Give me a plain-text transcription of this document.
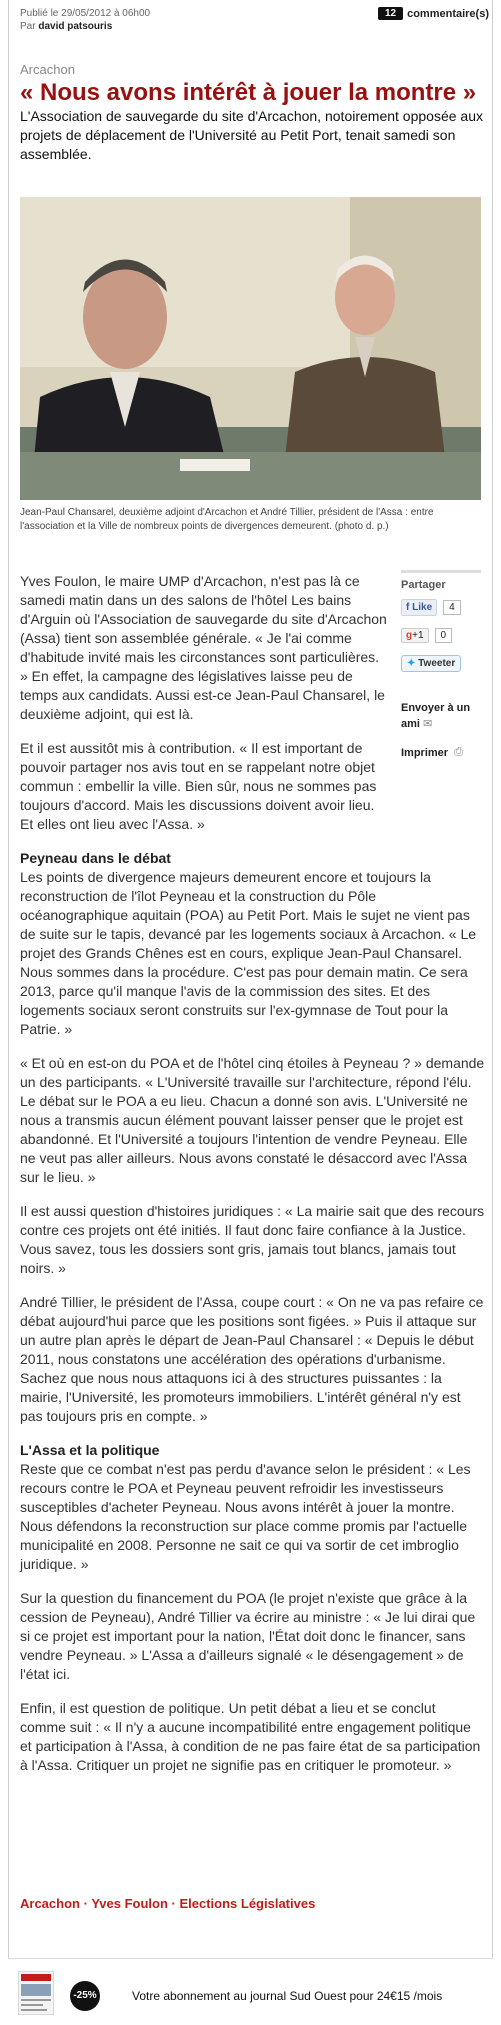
Publié le 29/05/2012 à 06h00
Par david patsouris
12	commentaire(s)
Arcachon
« Nous avons intérêt à jouer la montre »
L'Association de sauvegarde du site d'Arcachon, notoirement opposée aux projets de déplacement de l'Université au Petit Port, tenait samedi son assemblée.
Jean-Paul Chansarel, deuxième adjoint d'Arcachon et André Tillier, président de l'Assa : entre l'association et la Ville de nombreux points de divergences demeurent. (photo d. p.)
Partager
f Like	4
g+1	0
✦ Tweeter
Envoyer à un ami ✉
Imprimer ⎙

Yves Foulon, le maire UMP d'Arcachon, n'est pas là ce samedi matin dans un des salons de l'hôtel Les bains d'Arguin où l'Association de sauvegarde du site d'Arcachon (Assa) tient son assemblée générale. « Je l'ai comme d'habitude invité mais les circonstances sont particulières. » En effet, la campagne des législatives laisse peu de temps aux candidats. Aussi est-ce Jean-Paul Chansarel, le deuxième adjoint, qui est là.

Et il est aussitôt mis à contribution. « Il est important de pouvoir partager nos avis tout en se rappelant notre objet commun : embellir la ville. Bien sûr, nous ne sommes pas toujours d'accord. Mais les discussions doivent avoir lieu. Et elles ont lieu avec l'Assa. »

Peyneau dans le débat

Les points de divergence majeurs demeurent encore et toujours la reconstruction de l'îlot Peyneau et la construction du Pôle océanographique aquitain (POA) au Petit Port. Mais le sujet ne vient pas de suite sur le tapis, devancé par les logements sociaux à Arcachon. « Le projet des Grands Chênes est en cours, explique Jean-Paul Chansarel. Nous sommes dans la procédure. C'est pas pour demain matin. Ce sera 2013, parce qu'il manque l'avis de la commission des sites. Et des logements sociaux seront construits sur l'ex-gymnase de Tout pour la Patrie. »

« Et où en est-on du POA et de l'hôtel cinq étoiles à Peyneau ? » demande un des participants. « L'Université travaille sur l'architecture, répond l'élu. Le débat sur le POA a eu lieu. Chacun a donné son avis. L'Université ne nous a transmis aucun élément pouvant laisser penser que le projet est abandonné. Et l'Université a toujours l'intention de vendre Peyneau. Elle ne veut pas aller ailleurs. Nous avons constaté le désaccord avec l'Assa sur le lieu. »

Il est aussi question d'histoires juridiques : « La mairie sait que des recours contre ces projets ont été initiés. Il faut donc faire confiance à la Justice. Vous savez, tous les dossiers sont gris, jamais tout blancs, jamais tout noirs. »

André Tillier, le président de l'Assa, coupe court : « On ne va pas refaire ce débat aujourd'hui parce que les positions sont figées. » Puis il attaque sur un autre plan après le départ de Jean-Paul Chansarel : « Depuis le début 2011, nous constatons une accélération des opérations d'urbanisme. Sachez que nous nous attaquons ici à des structures puissantes : la mairie, l'Université, les promoteurs immobiliers. L'intérêt général n'y est pas toujours pris en compte. »

L'Assa et la politique

Reste que ce combat n'est pas perdu d'avance selon le président : « Les recours contre le POA et Peyneau peuvent refroidir les investisseurs susceptibles d'acheter Peyneau. Nous avons intérêt à jouer la montre. Nous défendons la reconstruction sur place comme promis par l'actuelle municipalité en 2008. Personne ne sait ce qui va sortir de cet imbroglio juridique. »

Sur la question du financement du POA (le projet n'existe que grâce à la cession de Peyneau), André Tillier va écrire au ministre : « Je lui dirai que si ce projet est important pour la nation, l'État doit donc le financer, sans vendre Peyneau. » L'Assa a d'ailleurs signalé « le désengagement » de l'état ici.

Enfin, il est question de politique. Un petit débat a lieu et se conclut comme suit : « Il n'y a aucune incompatibilité entre engagement politique et participation à l'Assa, à condition de ne pas faire état de sa participation à l'Assa. Critiquer un projet ne signifie pas en critiquer le promoteur. »

Arcachon · Yves Foulon · Elections Législatives
-25%	Votre abonnement au journal Sud Ouest pour 24€15 /mois
